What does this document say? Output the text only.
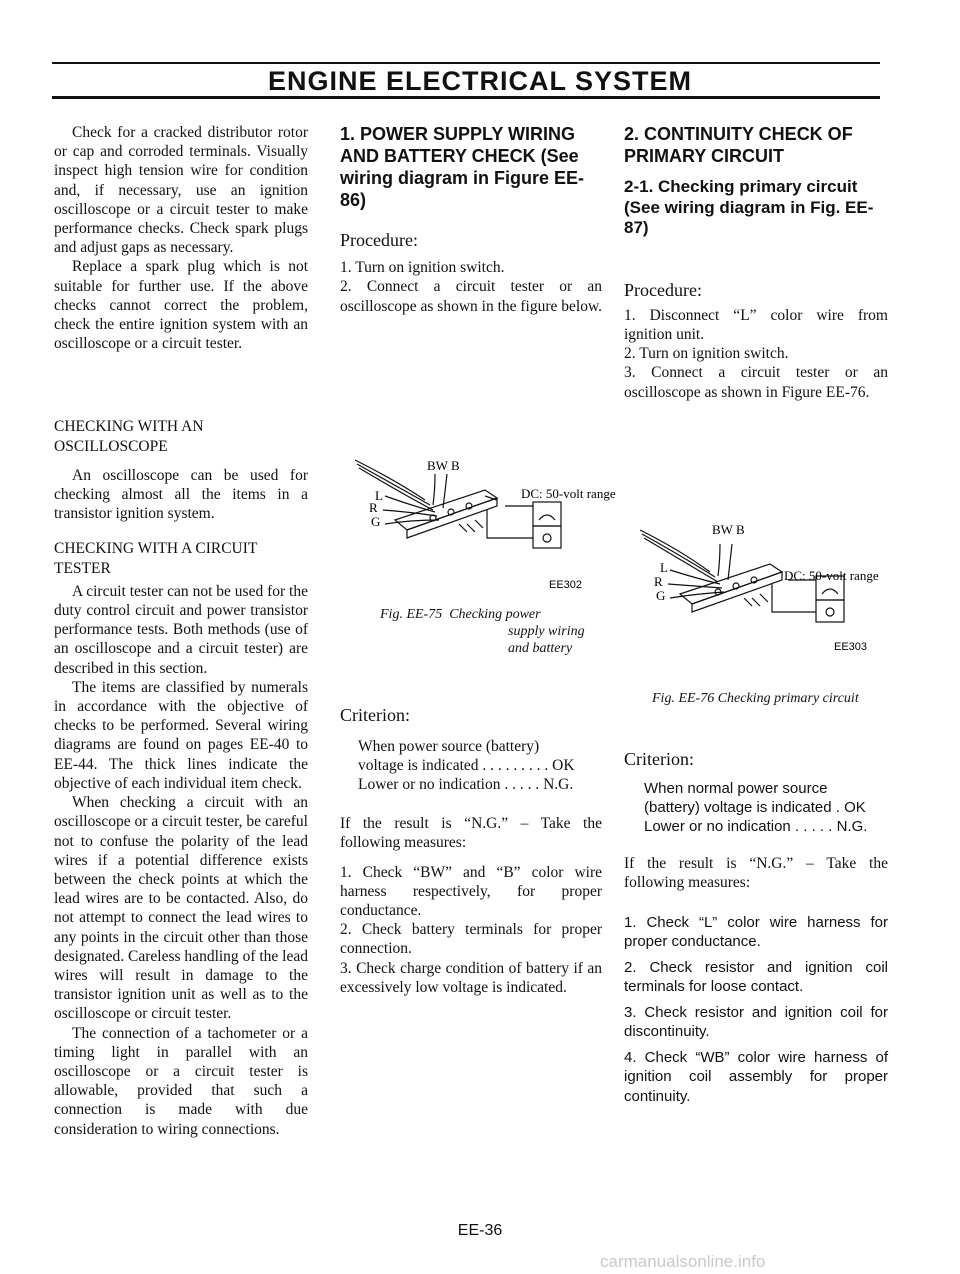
ENGINE ELECTRICAL SYSTEM

Check for a cracked distributor rotor or cap and corroded terminals. Visually inspect high tension wire for condition and, if necessary, use an ignition oscilloscope or a circuit tester to make performance checks. Check spark plugs and adjust gaps as necessary.

Replace a spark plug which is not suitable for further use. If the above checks cannot correct the problem, check the entire ignition system with an oscilloscope or a circuit tester.

CHECKING WITH AN OSCILLOSCOPE

An oscilloscope can be used for checking almost all the items in a transistor ignition system.

CHECKING WITH A CIRCUIT TESTER

A circuit tester can not be used for the duty control circuit and power transistor performance tests. Both methods (use of an oscilloscope and a circuit tester) are described in this section.

The items are classified by numerals in accordance with the objective of checks to be performed. Several wiring diagrams are found on pages EE-40 to EE-44. The thick lines indicate the objective of each individual item check.

When checking a circuit with an oscilloscope or a circuit tester, be careful not to confuse the polarity of the lead wires if a potential difference exists between the check points at which the lead wires are to be contacted. Also, do not attempt to connect the lead wires to any points in the circuit other than those designated. Careless handling of the lead wires will result in damage to the transistor ignition unit as well as to the oscilloscope or circuit tester.

The connection of a tachometer or a timing light in parallel with an oscilloscope or a circuit tester is allowable, provided that such a connection is made with due consideration to wiring connections.

1. POWER SUPPLY WIRING AND BATTERY CHECK (See wiring diagram in Figure EE-86)

Procedure:

1. Turn on ignition switch.

2. Connect a circuit tester or an oscilloscope as shown in the figure below.

BW B
L
R
G
DC: 50-volt range
EE302
Fig. EE-75 Checking power
supply wiring
and battery

Criterion:

When power source (battery)
voltage is indicated . . . . . . . . . OK
Lower or no indication . . . . . N.G.

If the result is “N.G.” – Take the following measures:

1. Check “BW” and “B” color wire harness respectively, for proper conductance.

2. Check battery terminals for proper connection.

3. Check charge condition of battery if an excessively low voltage is indicated.

2. CONTINUITY CHECK OF PRIMARY CIRCUIT

2-1. Checking primary circuit (See wiring diagram in Fig. EE-87)

Procedure:

1. Disconnect “L” color wire from ignition unit.

2. Turn on ignition switch.

3. Connect a circuit tester or an oscilloscope as shown in Figure EE-76.

BW B
L
R
G
DC: 50-volt range
EE303
Fig. EE-76 Checking primary circuit

Criterion:

When normal power source
(battery) voltage is indicated . OK
Lower or no indication . . . . . N.G.

If the result is “N.G.” – Take the following measures:

1. Check “L” color wire harness for proper conductance.

2. Check resistor and ignition coil terminals for loose contact.

3. Check resistor and ignition coil for discontinuity.

4. Check “WB” color wire harness of ignition coil assembly for proper continuity.

EE-36
carmanualsonline.info
